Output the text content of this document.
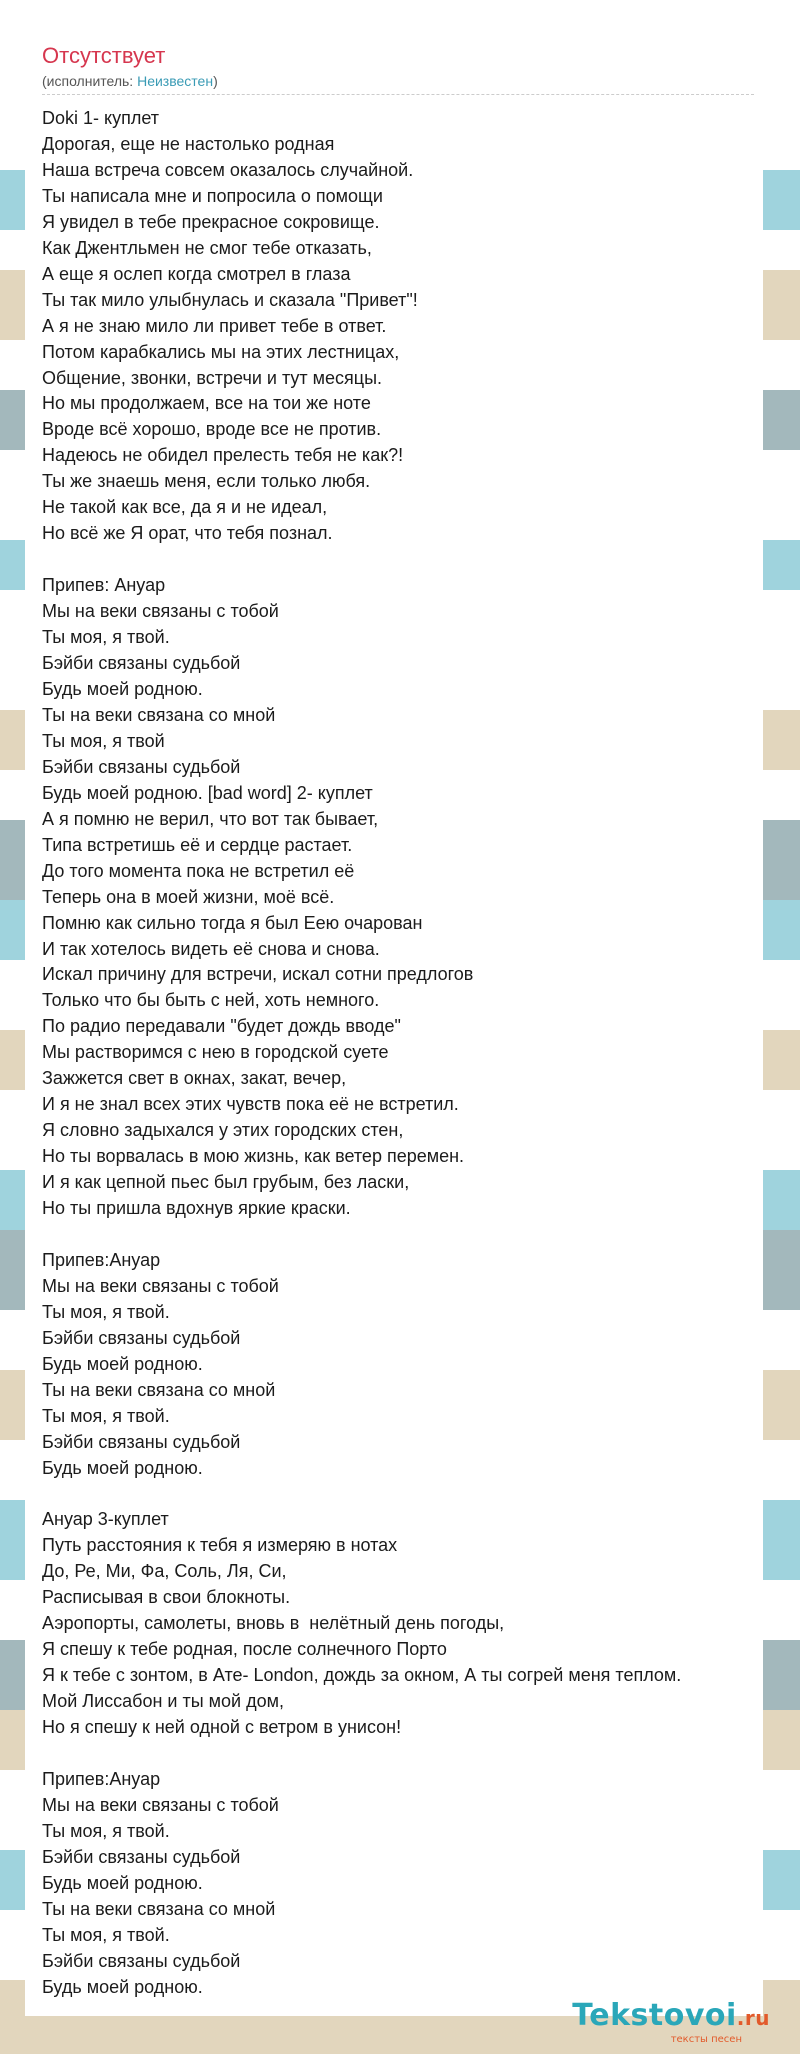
Отсутствует
(исполнитель: Неизвестен)
Doki 1- куплет
Дорогая, еще не настолько родная
Наша встреча совсем оказалось случайной.
Ты написала мне и попросила о помощи
Я увидел в тебе прекрасное сокровище.
Как Джентльмен не смог тебе отказать,
А еще я ослеп когда смотрел в глаза
Ты так мило улыбнулась и сказала "Привет"!
А я не знаю мило ли привет тебе в ответ.
Потом карабкались мы на этих лестницах,
Общение, звонки, встречи и тут месяцы.
Но мы продолжаем, все на тои же ноте
Вроде всё хорошо, вроде все не против.
Надеюсь не обидел прелесть тебя не как?!
Ты же знаешь меня, если только любя.
Не такой как все, да я и не идеал,
Но всё же Я орат, что тебя познал.

Припев: Ануар
Мы на веки связаны с тобой
Ты моя, я твой.
Бэйби связаны судьбой
Будь моей родною.
Ты на веки связана со мной
Ты моя, я твой
Бэйби связаны судьбой
Будь моей родною. [bad word] 2- куплет
А я помню не верил, что вот так бывает,
Типа встретишь её и сердце растает.
До того момента пока не встретил её
Теперь она в моей жизни, моё всё.
Помню как сильно тогда я был Еею очарован
И так хотелось видеть её снова и снова.
Искал причину для встречи, искал сотни предлогов
Только что бы быть с ней, хоть немного.
По радио передавали "будет дождь вводе"
Мы растворимся с нею в городской суете
Зажжется свет в окнах, закат, вечер,
И я не знал всех этих чувств пока её не встретил.
Я словно задыхался у этих городских стен,
Но ты ворвалась в мою жизнь, как ветер перемен.
И я как цепной пьес был грубым, без ласки,
Но ты пришла вдохнув яркие краски.

Припев:Ануар
Мы на веки связаны с тобой
Ты моя, я твой.
Бэйби связаны судьбой
Будь моей родною.
Ты на веки связана со мной
Ты моя, я твой.
Бэйби связаны судьбой
Будь моей родною.

Ануар 3-куплет
Путь расстояния к тебя я измеряю в нотах
До, Ре, Ми, Фа, Соль, Ля, Си,
Расписывая в свои блокноты.
Аэропорты, самолеты, вновь в  нелётный день погоды,
Я спешу к тебе родная, после солнечного Порто
Я к тебе с зонтом, в Ате- London, дождь за окном, А ты согрей меня теплом.
Мой Лиссабон и ты мой дом,
Но я спешу к ней одной с ветром в унисон!

Припев:Ануар
Мы на веки связаны с тобой
Ты моя, я твой.
Бэйби связаны судьбой
Будь моей родною.
Ты на веки связана со мной
Ты моя, я твой.
Бэйби связаны судьбой
Будь моей родною.
Tekstovoi.ru
тексты песен
